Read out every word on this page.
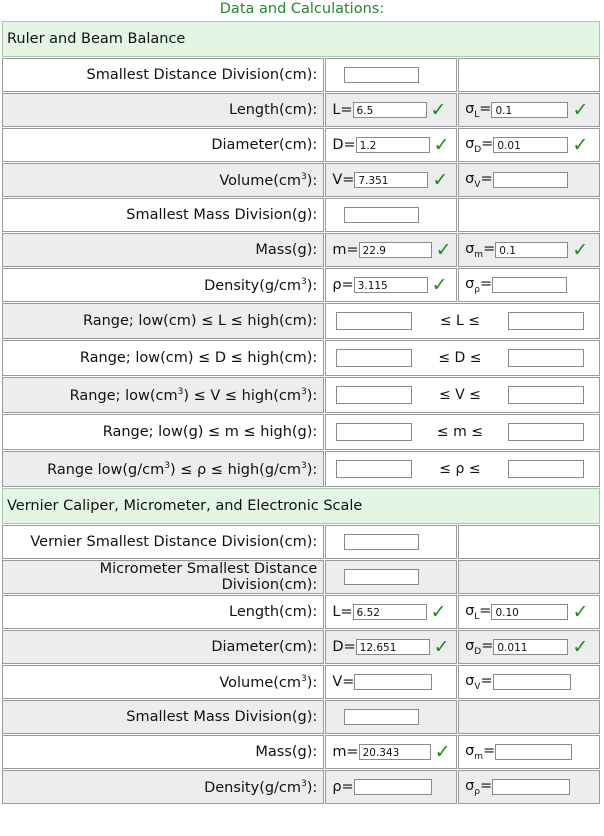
Data and Calculations:
Ruler and Beam Balance		
Smallest Distance Division(cm):		
Length(cm):	L= 6.5 ✓	$\sigma_L= 0.1$ ✓
Diameter(cm):	D= 1.2 ✓	$\sigma_D= 0.01$ ✓
$Volume(cm^3)$:	V= 7.351 ✓	$\sigma_V=$
Smallest Mass Division(g):		
Mass(g):	m= 22.9 ✓	$\sigma_m= 0.1$ ✓
$Density(g/cm^3)$:	ρ= 3.115 ✓	$\sigma_\rho=$
Range; low(cm) ≤ L ≤ high(cm):	≤ L ≤	
Range; low(cm) ≤ D ≤ high(cm):	≤ D ≤	
Range; $low(cm^3) \le V$ ≤ $high(cm^3)$:	≤ V ≤	
Range; low(g) ≤ m ≤ high(g):	≤ m ≤	
Range $low(g/cm^3) \le \rho$ ≤ $high(g/cm^3)$:	≤ ρ ≤	
Vernier Caliper, Micrometer, and Electronic Scale		
Vernier Smallest Distance Division(cm):		
Micrometer Smallest Distance Division(cm):		
Length(cm):	L= 6.52 ✓	$\sigma_L= 0.10$ ✓
Diameter(cm):	D= 12.651 ✓	$\sigma_D= 0.011$ ✓
$Volume(cm^3)$:	V=	$\sigma_V=$
Smallest Mass Division(g):		
Mass(g):	m= 20.343 ✓	$\sigma_m=$
$Density(g/cm^3)$:	ρ=	$\sigma_\rho=$
